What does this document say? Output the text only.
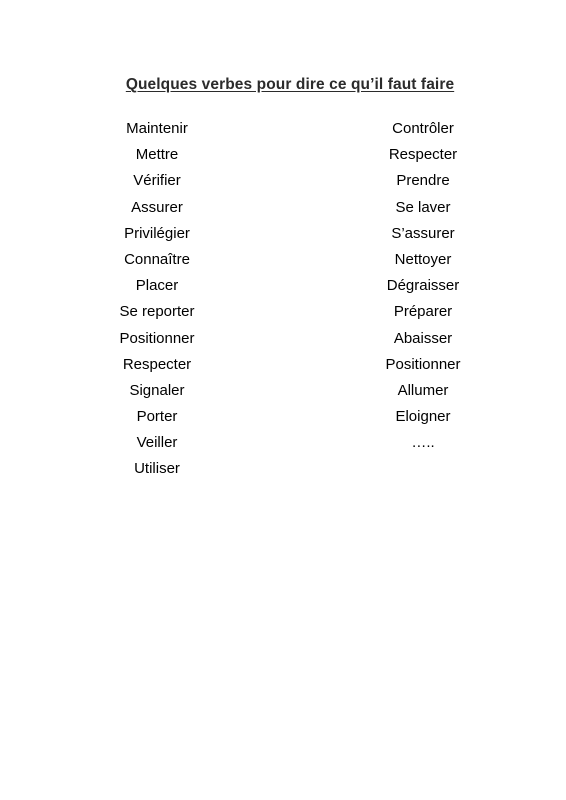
Quelques verbes pour dire ce qu’il faut faire
Maintenir
Mettre
Vérifier
Assurer
Privilégier
Connaître
Placer
Se reporter
Positionner
Respecter
Signaler
Porter
Veiller
Utiliser
Contrôler
Respecter
Prendre
Se laver
S’assurer
Nettoyer
Dégraisser
Préparer
Abaisser
Positionner
Allumer
Eloigner
…..
